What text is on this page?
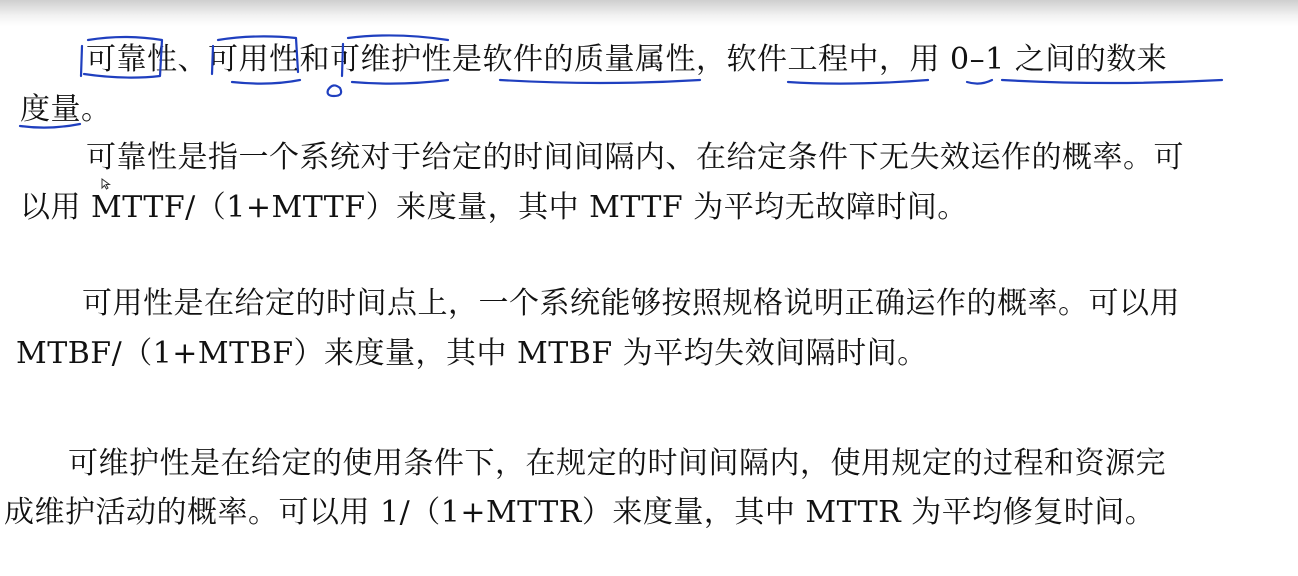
可靠性、可用性和可维护性是软件的质量属性，软件工程中，用 0–1 之间的数来
度量。
可靠性是指一个系统对于给定的时间间隔内、在给定条件下无失效运作的概率。可
以用 MTTF/（1+MTTF）来度量，其中 MTTF 为平均无故障时间。
可用性是在给定的时间点上，一个系统能够按照规格说明正确运作的概率。可以用
MTBF/（1+MTBF）来度量，其中 MTBF 为平均失效间隔时间。
可维护性是在给定的使用条件下，在规定的时间间隔内，使用规定的过程和资源完
成维护活动的概率。可以用 1/（1+MTTR）来度量，其中 MTTR 为平均修复时间。
